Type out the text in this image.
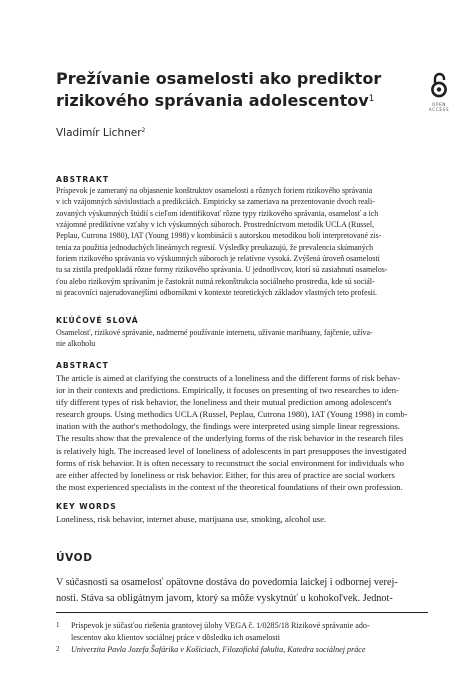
Prežívanie osamelosti ako prediktor
rizikového správania adolescentov$^1$
Vladimír Lichner$^2$
OPEN
ACCESS
ABSTRAKT
Príspevok je zameraný na objasnenie konštruktov osamelosti a rôznych foriem rizikového správania
v ich vzájomných súvislostiach a predikciách. Empiricky sa zameriava na prezentovanie dvoch reali-
zovaných výskumných štúdií s cieľom identifikovať rôzne typy rizikového správania, osamelosť a ich
vzájomné prediktívne vzťahy v ich výskumných súboroch. Prostredníctvom metodík UCLA (Russel,
Peplau, Cutrona 1980), IAT (Young 1998) v kombinácii s autorskou metodikou boli interpretované zis-
tenia za použitia jednoduchých lineárnych regresií. Výsledky preukazujú, že prevalencia skúmaných
foriem rizikového správania vo výskumných súboroch je relatívne vysoká. Zvýšená úroveň osamelosti
tu sa zistila predpokladá rôzne formy rizikového správania. U jednotlivcov, ktorí sú zasiahnutí osamelos-
ťou alebo rizikovým správaním je častokrát nutná rekonštrukcia sociálneho prostredia, kde sú sociál-
ni pracovníci najerudovanejšími odborníkmi v kontexte teoretických základov vlastných teto profesii.
KĽÚČOVÉ SLOVÁ
Osamelosť, rizikové správanie, nadmerné používanie internetu, užívanie marihuany, fajčenie, užíva-
nie alkoholu
ABSTRACT
The article is aimed at clarifying the constructs of a loneliness and the different forms of risk behav-
ior in their contexts and predictions. Empirically, it focuses on presenting of two researches to iden-
tify different types of risk behavior, the loneliness and their mutual prediction among adolescent's
research groups. Using methodics UCLA (Russel, Peplau, Cutrona 1980), IAT (Young 1998) in comb-
ination with the author's methodology, the findings were interpreted using simple linear regressions.
The results show that the prevalence of the underlying forms of the risk behavior in the research files
is relatively high. The increased level of loneliness of adolescents in part presupposes the investigated
forms of risk behavior. It is often necessary to reconstruct the social environment for individuals who
are either affected by loneliness or risk behavior. Either, for this area of practice are social workers
the most experienced specialists in the context of the theoretical foundations of their own profession.
KEY WORDS
Loneliness, risk behavior, internet abuse, marijuana use, smoking, alcohol use.
ÚVOD
V súčasnosti sa osamelosť opätovne dostáva do povedomia laickej i odbornej verej-
nosti. Stáva sa obligátnym javom, ktorý sa môže vyskytnúť u kohokoľvek. Jednot-
1 Príspevok je súčasťou riešenia grantovej úlohy VEGA č. 1/0285/18 Rizikové správanie ado-
lescentov ako klientov sociálnej práce v dôsledku ich osamelosti
2 Univerzita Pavla Jozefa Šafárika v Košiciach, Filozofická fakulta, Katedra sociálnej práce
